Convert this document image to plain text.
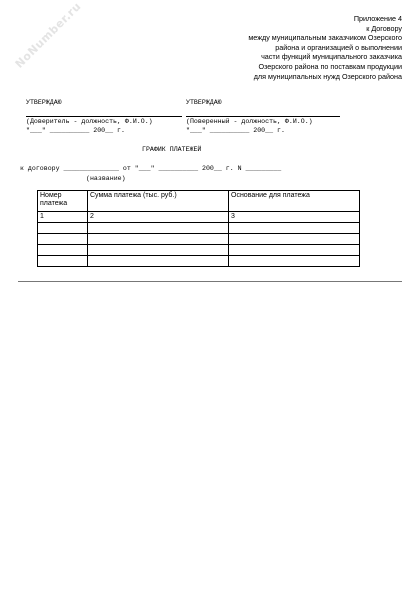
NoNumber.ru	Приложение 4
к Договору
между муниципальным заказчиком Озерского
района и организацией о выполнении
части функций муниципального заказчика
Озерского района по поставкам продукции
для муниципальных нужд Озерского района
УТВЕРЖДАЮ
(Доверитель - должность, Ф.И.О.)
"___" __________ 200__ г.
УТВЕРЖДАЮ
(Поверенный - должность, Ф.И.О.)
"___" __________ 200__ г.
ГРАФИК ПЛАТЕЖЕЙ
к договору ______________ от "___" __________ 200__ г. N _________
(название)
Номер платежа	Сумма платежа (тыс. руб.)	Основание для платежа
1	2	3
